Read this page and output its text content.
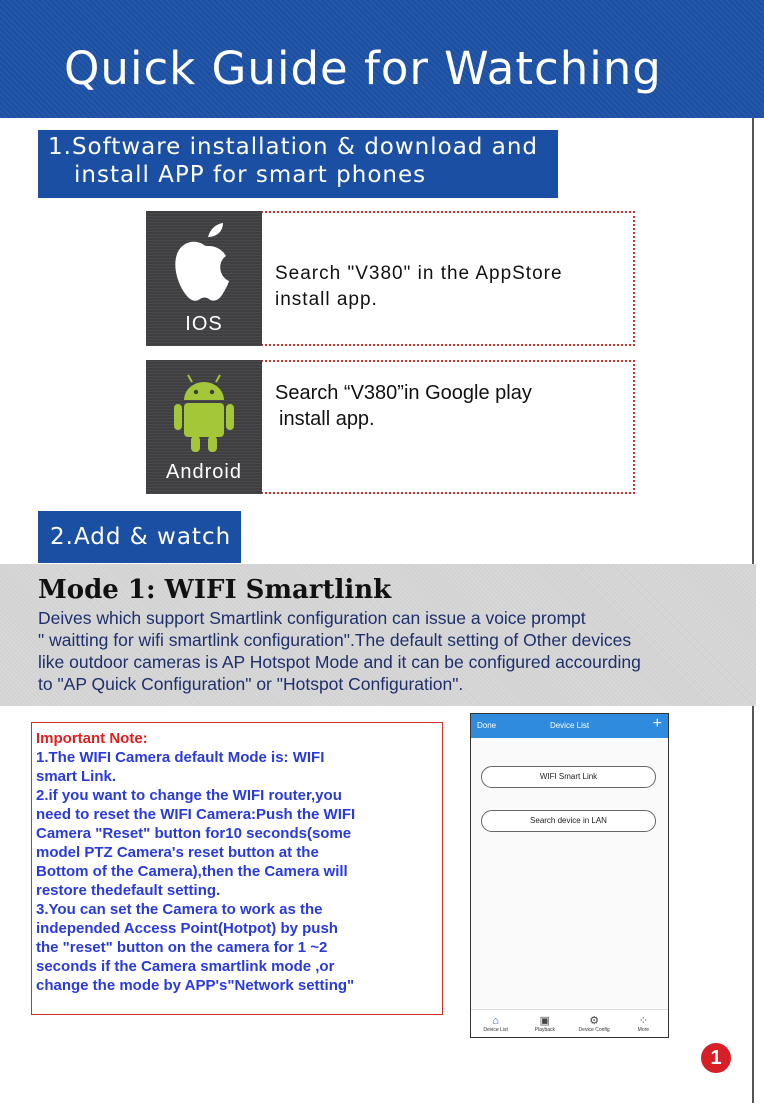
Quick Guide for Watching
1.Software installation & download and
install APP for smart phones
IOS
Search "V380" in the AppStore install app.
Android
Search “V380”in Google play
install app.
2.Add & watch
Mode 1: WIFI Smartlink
Deives which support Smartlink configuration can issue a voice prompt
" waitting for wifi smartlink configuration".The default setting of Other devices
like outdoor cameras is AP Hotspot Mode and it can be configured accourding
to "AP Quick Configuration" or "Hotspot Configuration".
Important Note:
1.The WIFI Camera default Mode is: WIFI
smart Link.
2.if you want to change the WIFI router,you
need to reset the WIFI Camera:Push the WIFI
Camera "Reset" button for10 seconds(some
model PTZ Camera's reset button at the
Bottom of the Camera),then the Camera will
restore thedefault setting.
3.You can set the Camera to work as the
independed Access Point(Hotpot) by push
the "reset" button on the camera for 1 ~2
seconds if the Camera smartlink mode ,or
change the mode by APP's"Network setting"
Done	Device List	+
WIFI Smart Link
Search device in LAN
⌂
Device List
▣
Playback
⚙
Device Config
⁘
More
1
